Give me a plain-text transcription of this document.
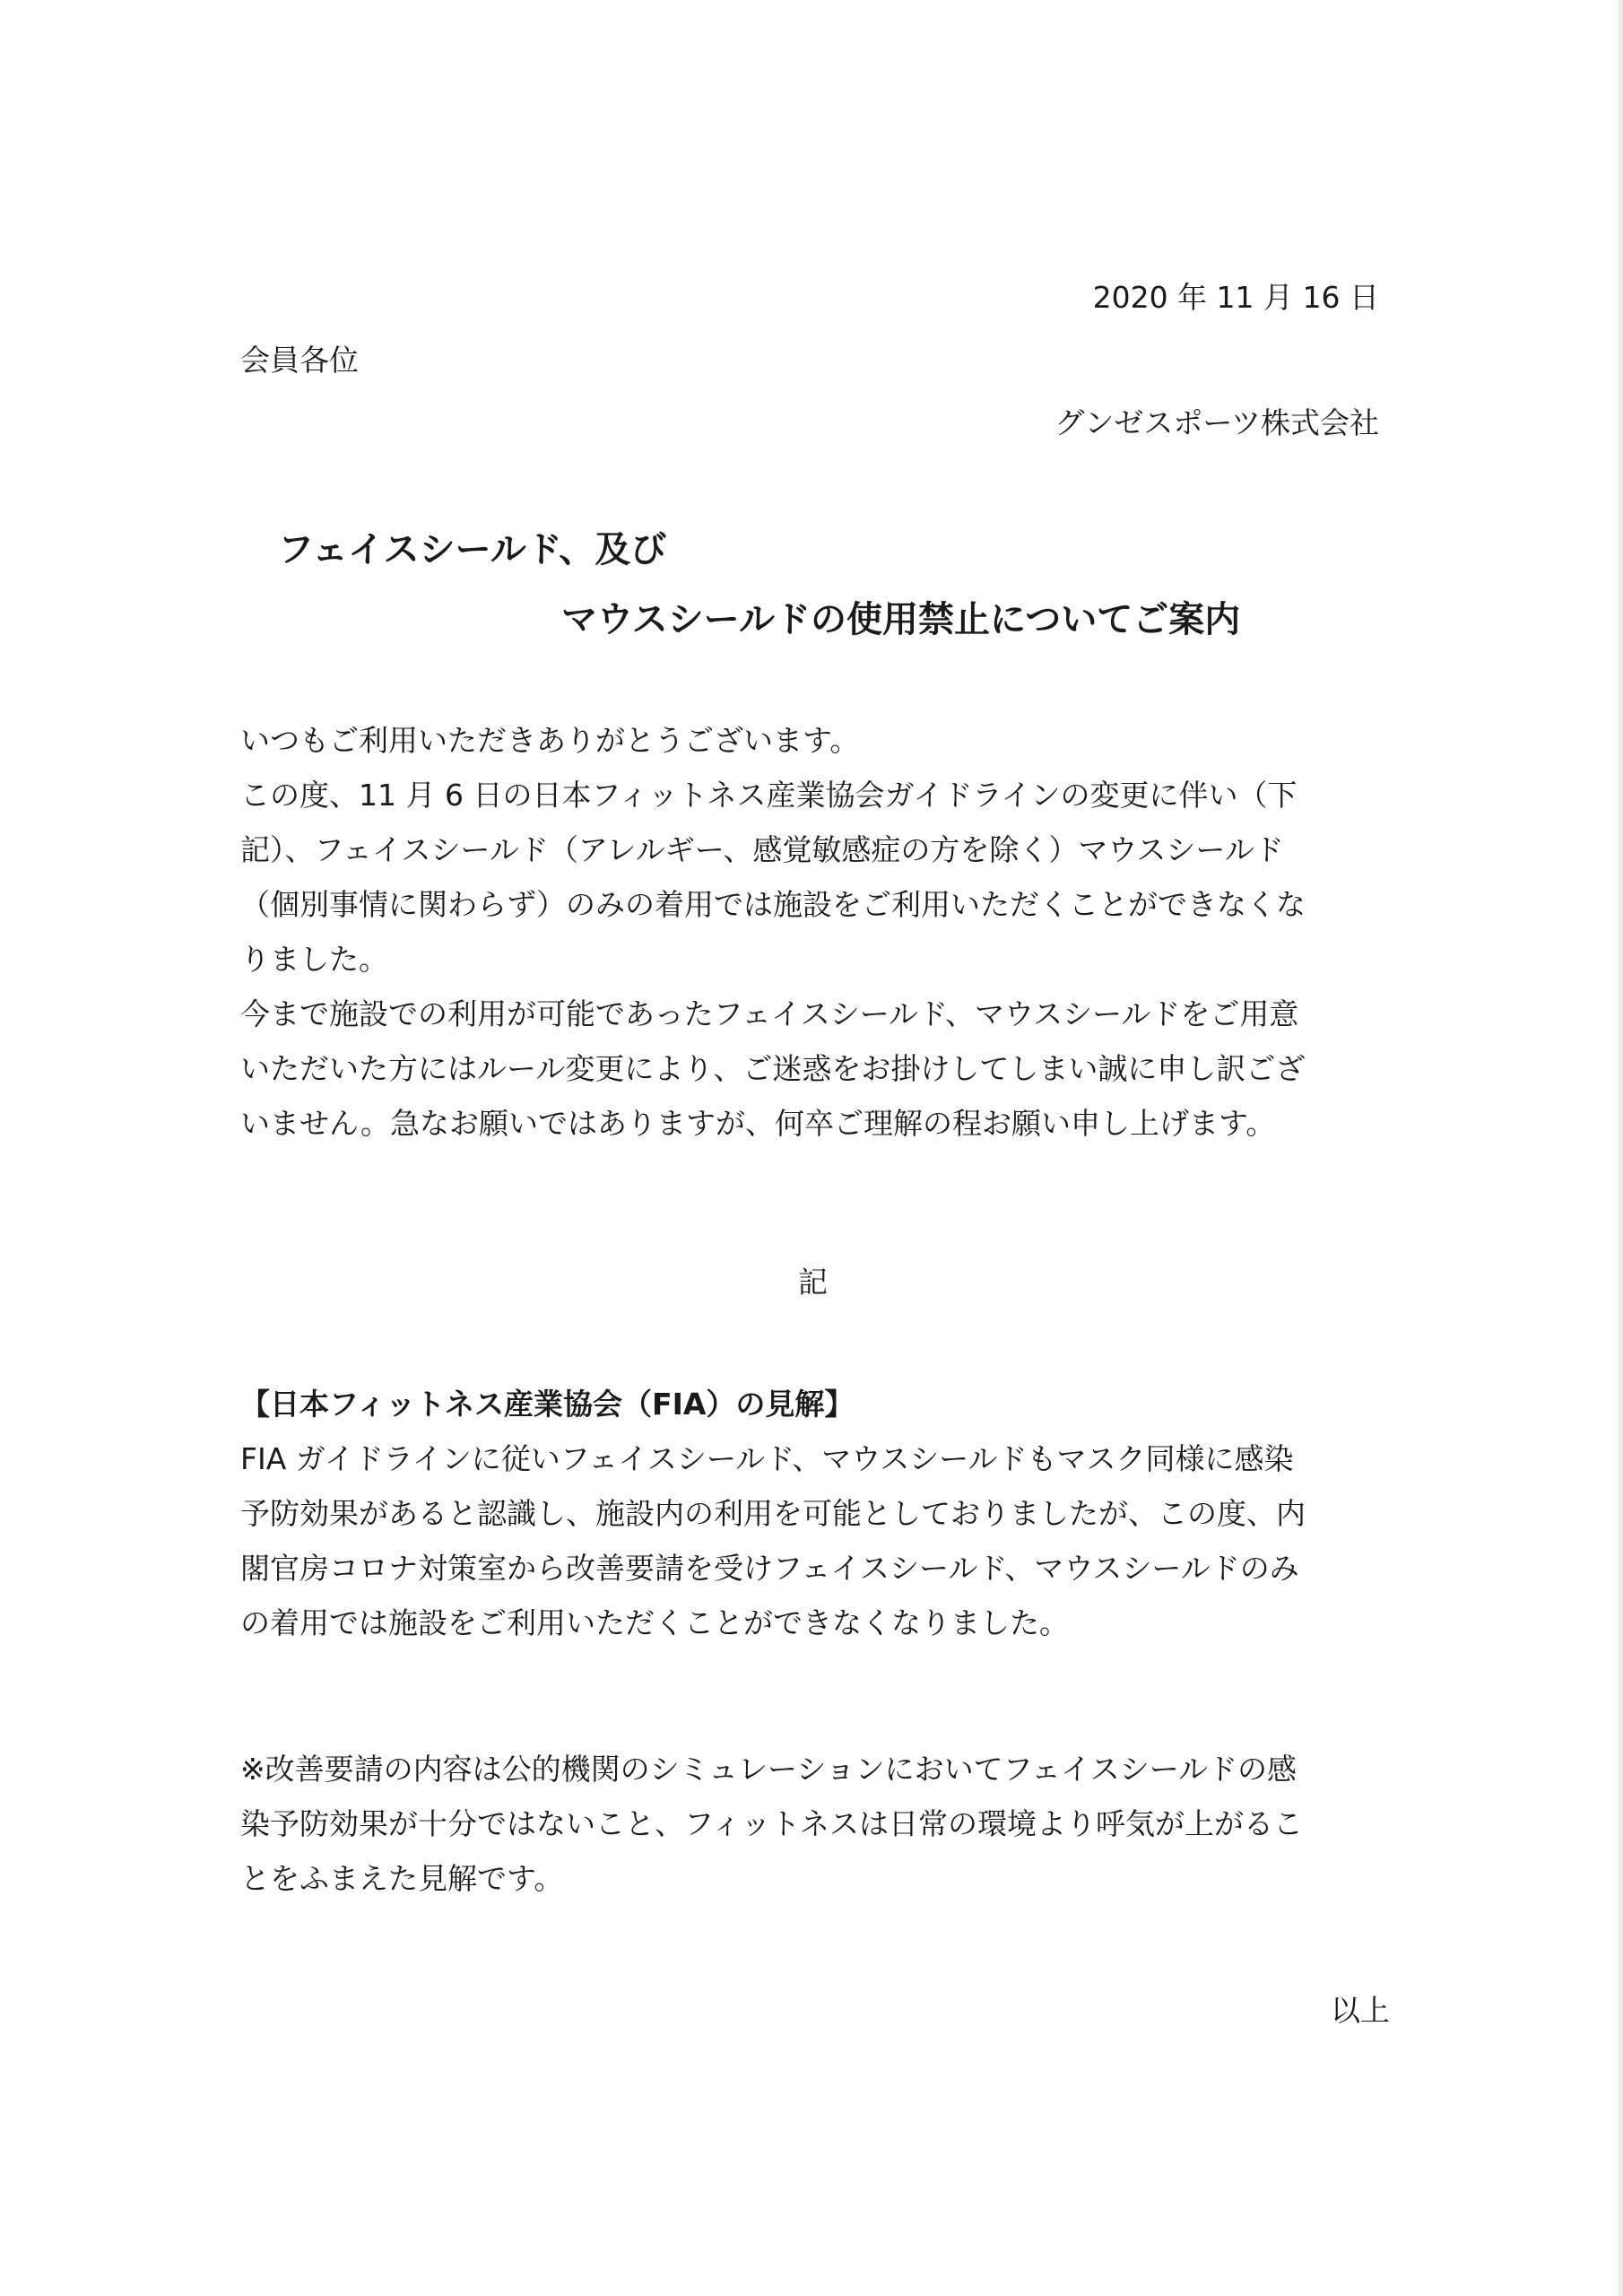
2020 年 11 月 16 日

会員各位

グンゼスポーツ株式会社

フェイスシールド、及び
マウスシールドの使用禁止についてご案内

いつもご利用いただきありがとうございます。

この度、11 月 6 日の日本フィットネス産業協会ガイドラインの変更に伴い（下

記）、フェイスシールド（アレルギー、感覚敏感症の方を除く）マウスシールド

（個別事情に関わらず）のみの着用では施設をご利用いただくことができなくな

りました。

今まで施設での利用が可能であったフェイスシールド、マウスシールドをご用意

いただいた方にはルール変更により、ご迷惑をお掛けしてしまい誠に申し訳ござ

いません。急なお願いではありますが、何卒ご理解の程お願い申し上げます。

記

【日本フィットネス産業協会（FIA）の見解】

FIA ガイドラインに従いフェイスシールド、マウスシールドもマスク同様に感染

予防効果があると認識し、施設内の利用を可能としておりましたが、この度、内

閣官房コロナ対策室から改善要請を受けフェイスシールド、マウスシールドのみ

の着用では施設をご利用いただくことができなくなりました。

※改善要請の内容は公的機関のシミュレーションにおいてフェイスシールドの感

染予防効果が十分ではないこと、フィットネスは日常の環境より呼気が上がるこ

とをふまえた見解です。

以上
